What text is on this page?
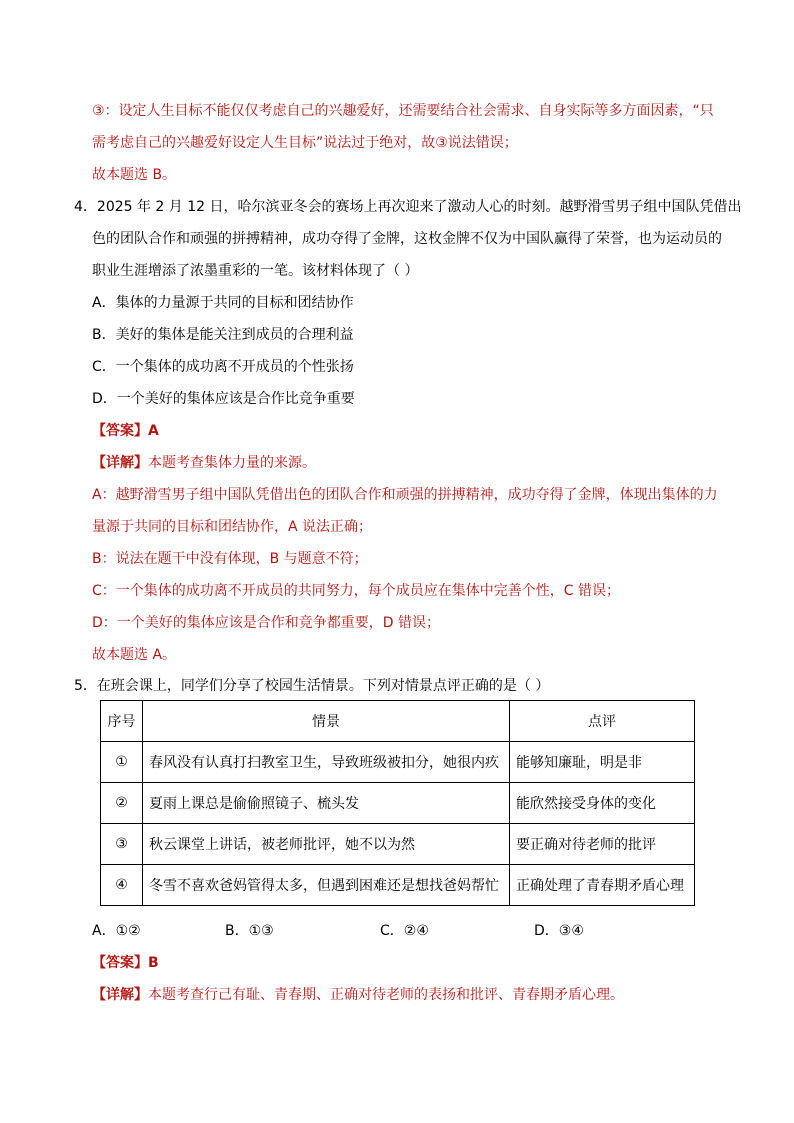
③：设定人生目标不能仅仅考虑自己的兴趣爱好，还需要结合社会需求、自身实际等多方面因素，“只
需考虑自己的兴趣爱好设定人生目标”说法过于绝对，故③说法错误；
故本题选 B。
4．2025 年 2 月 12 日，哈尔滨亚冬会的赛场上再次迎来了激动人心的时刻。越野滑雪男子组中国队凭借出
色的团队合作和顽强的拼搏精神，成功夺得了金牌，这枚金牌不仅为中国队赢得了荣誉，也为运动员的
职业生涯增添了浓墨重彩的一笔。该材料体现了（ ）
A．集体的力量源于共同的目标和团结协作
B．美好的集体是能关注到成员的合理利益
C．一个集体的成功离不开成员的个性张扬
D．一个美好的集体应该是合作比竞争重要
【答案】A
【详解】本题考查集体力量的来源。
A：越野滑雪男子组中国队凭借出色的团队合作和顽强的拼搏精神，成功夺得了金牌，体现出集体的力
量源于共同的目标和团结协作，A 说法正确；
B：说法在题干中没有体现，B 与题意不符；
C：一个集体的成功离不开成员的共同努力，每个成员应在集体中完善个性，C 错误；
D：一个美好的集体应该是合作和竞争都重要，D 错误；
故本题选 A。
5．在班会课上，同学们分享了校园生活情景。下列对情景点评正确的是（ ）
序号	情景	点评
①	春风没有认真打扫教室卫生，导致班级被扣分，她很内疚	能够知廉耻，明是非
②	夏雨上课总是偷偷照镜子、梳头发	能欣然接受身体的变化
③	秋云课堂上讲话，被老师批评，她不以为然	要正确对待老师的批评
④	冬雪不喜欢爸妈管得太多，但遇到困难还是想找爸妈帮忙	正确处理了青春期矛盾心理
A．①②	B．①③	C．②④	D．③④
【答案】B
【详解】本题考查行己有耻、青春期、正确对待老师的表扬和批评、青春期矛盾心理。
